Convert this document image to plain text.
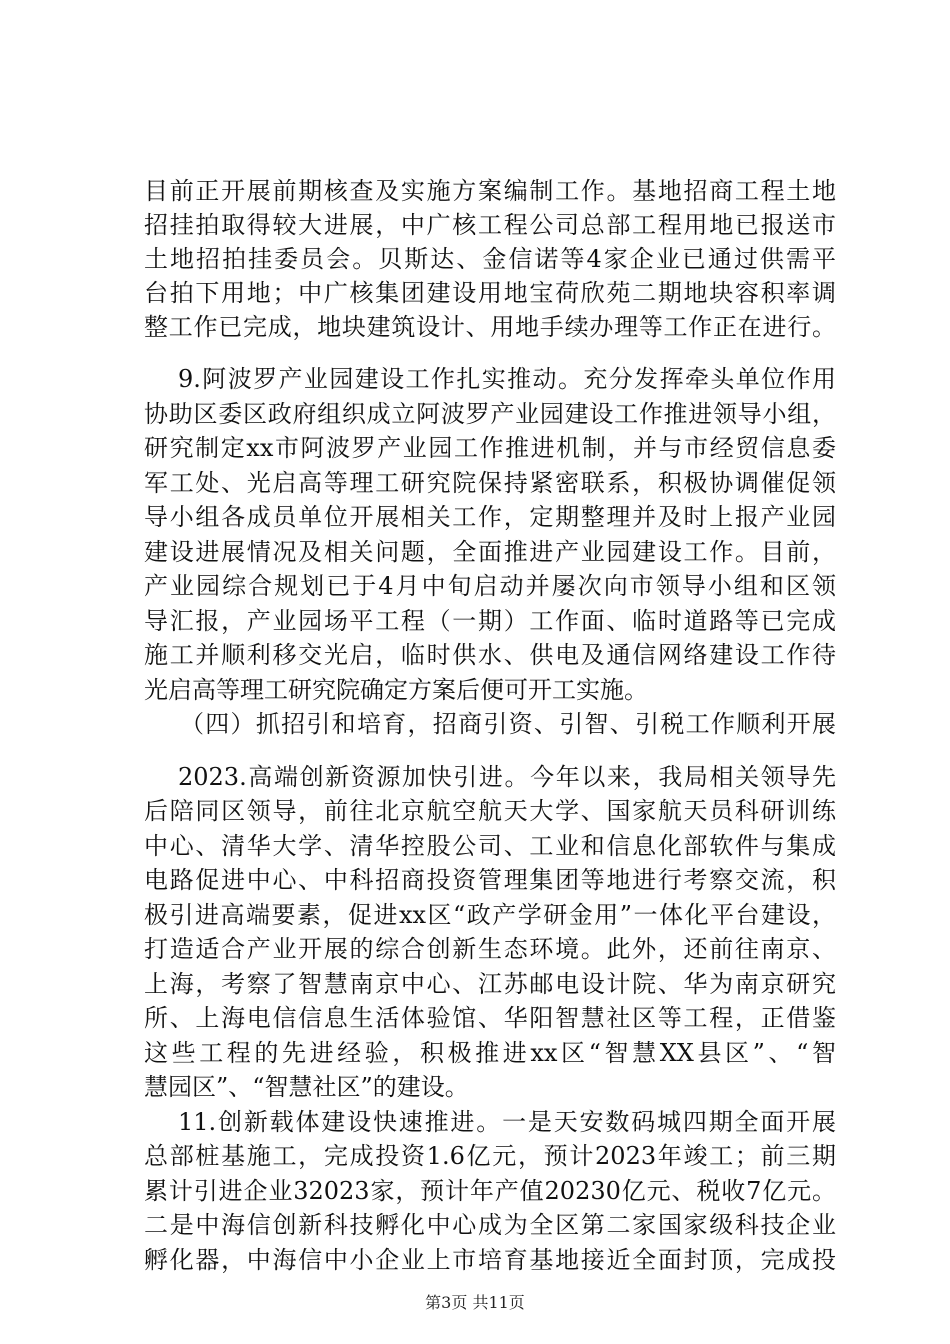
目前正开展前期核查及实施方案编制工作。基地招商工程土地
招挂拍取得较大进展，中广核工程公司总部工程用地已报送市
土地招拍挂委员会。贝斯达、金信诺等4家企业已通过供需平
台拍下用地；中广核集团建设用地宝荷欣苑二期地块容积率调
整工作已完成，地块建筑设计、用地手续办理等工作正在进行。
9.阿波罗产业园建设工作扎实推动。充分发挥牵头单位作用
协助区委区政府组织成立阿波罗产业园建设工作推进领导小组，
研究制定xx市阿波罗产业园工作推进机制，并与市经贸信息委
军工处、光启高等理工研究院保持紧密联系，积极协调催促领
导小组各成员单位开展相关工作，定期整理并及时上报产业园
建设进展情况及相关问题，全面推进产业园建设工作。目前，
产业园综合规划已于4月中旬启动并屡次向市领导小组和区领
导汇报，产业园场平工程（一期）工作面、临时道路等已完成
施工并顺利移交光启，临时供水、供电及通信网络建设工作待
光启高等理工研究院确定方案后便可开工实施。
（四）抓招引和培育，招商引资、引智、引税工作顺利开展
2023.高端创新资源加快引进。今年以来，我局相关领导先
后陪同区领导，前往北京航空航天大学、国家航天员科研训练
中心、清华大学、清华控股公司、工业和信息化部软件与集成
电路促进中心、中科招商投资管理集团等地进行考察交流，积
极引进高端要素，促进xx区“政产学研金用”一体化平台建设，
打造适合产业开展的综合创新生态环境。此外，还前往南京、
上海，考察了智慧南京中心、江苏邮电设计院、华为南京研究
所、上海电信信息生活体验馆、华阳智慧社区等工程，正借鉴
这些工程的先进经验，积极推进xx区“智慧XX县区”、“智
慧园区”、“智慧社区”的建设。
11.创新载体建设快速推进。一是天安数码城四期全面开展
总部桩基施工，完成投资1.6亿元，预计2023年竣工；前三期
累计引进企业32023家，预计年产值20230亿元、税收7亿元。
二是中海信创新科技孵化中心成为全区第二家国家级科技企业
孵化器，中海信中小企业上市培育基地接近全面封顶，完成投
第3页 共11页
